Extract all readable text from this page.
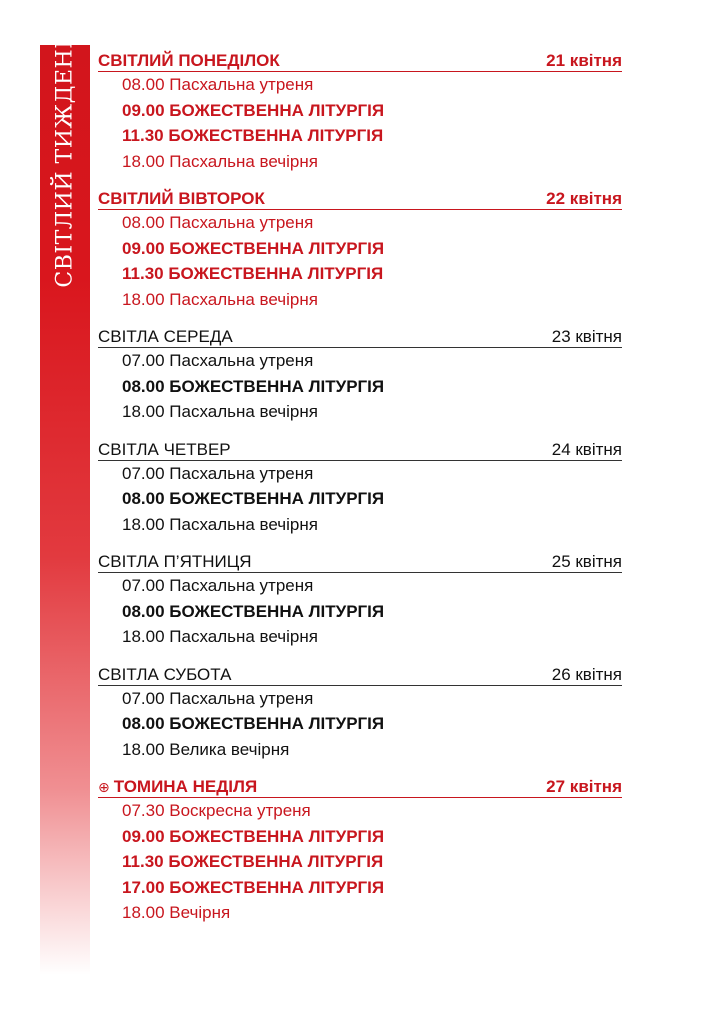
СВІТЛИЙ ТИЖДЕНЬ СВІТЛИЙ ПОНЕДІЛОК	21 квітня
08.00 Пасхальна утреня
09.00 БОЖЕСТВЕННА ЛІТУРГІЯ
11.30 БОЖЕСТВЕННА ЛІТУРГІЯ
18.00 Пасхальна вечірня
СВІТЛИЙ ВІВТОРОК	22 квітня
08.00 Пасхальна утреня
09.00 БОЖЕСТВЕННА ЛІТУРГІЯ
11.30 БОЖЕСТВЕННА ЛІТУРГІЯ
18.00 Пасхальна вечірня
СВІТЛА СЕРЕДА	23 квітня
07.00 Пасхальна утреня
08.00 БОЖЕСТВЕННА ЛІТУРГІЯ
18.00 Пасхальна вечірня
СВІТЛА ЧЕТВЕР	24 квітня
07.00 Пасхальна утреня
08.00 БОЖЕСТВЕННА ЛІТУРГІЯ
18.00 Пасхальна вечірня
СВІТЛА П’ЯТНИЦЯ	25 квітня
07.00 Пасхальна утреня
08.00 БОЖЕСТВЕННА ЛІТУРГІЯ
18.00 Пасхальна вечірня
СВІТЛА СУБОТА	26 квітня
07.00 Пасхальна утреня
08.00 БОЖЕСТВЕННА ЛІТУРГІЯ
18.00 Велика вечірня
⊕ ТОМИНА НЕДІЛЯ	27 квітня
07.30 Воскресна утреня
09.00 БОЖЕСТВЕННА ЛІТУРГІЯ
11.30 БОЖЕСТВЕННА ЛІТУРГІЯ
17.00 БОЖЕСТВЕННА ЛІТУРГІЯ
18.00 Вечірня
